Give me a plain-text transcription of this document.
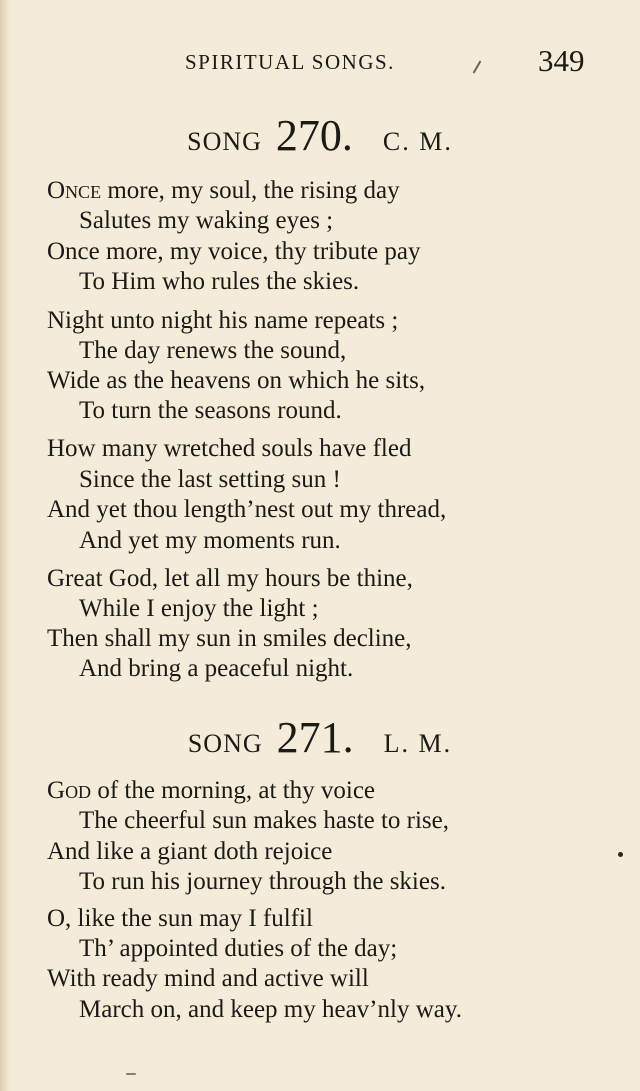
SPIRITUAL SONGS.	349
SONG 270. C. M.
Once more, my soul, the rising day
Salutes my waking eyes ;
Once more, my voice, thy tribute pay
To Him who rules the skies.
Night unto night his name repeats ;
The day renews the sound,
Wide as the heavens on which he sits,
To turn the seasons round.
How many wretched souls have fled
Since the last setting sun !
And yet thou length’nest out my thread,
And yet my moments run.
Great God, let all my hours be thine,
While I enjoy the light ;
Then shall my sun in smiles decline,
And bring a peaceful night.
SONG 271. L. M.
God of the morning, at thy voice
The cheerful sun makes haste to rise,
And like a giant doth rejoice
To run his journey through the skies.
O, like the sun may I fulfil
Th’ appointed duties of the day;
With ready mind and active will
March on, and keep my heav’nly way.
